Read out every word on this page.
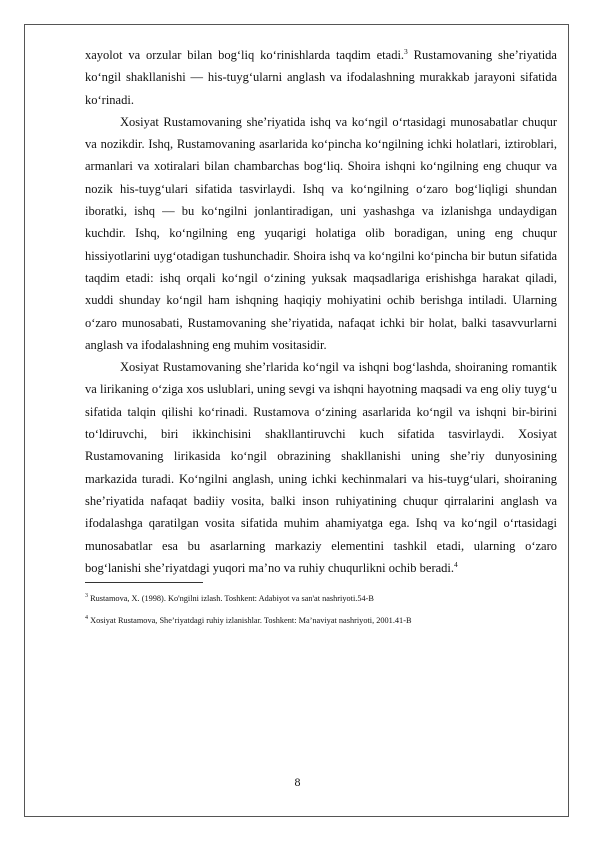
xayolot va orzular bilan bog‘liq ko‘rinishlarda taqdim etadi.$^3$ Rustamovaning she’riyatida ko‘ngil shakllanishi — his-tuyg‘ularni anglash va ifodalashning murakkab jarayoni sifatida ko‘rinadi.

Xosiyat Rustamovaning she’riyatida ishq va ko‘ngil o‘rtasidagi munosabatlar chuqur va nozikdir. Ishq, Rustamovaning asarlarida ko‘pincha ko‘ngilning ichki holatlari, iztiroblari, armanlari va xotiralari bilan chambarchas bog‘liq. Shoira ishqni ko‘ngilning eng chuqur va nozik his-tuyg‘ulari sifatida tasvirlaydi. Ishq va ko‘ngilning o‘zaro bog‘liqligi shundan iboratki, ishq — bu ko‘ngilni jonlantiradigan, uni yashashga va izlanishga undaydigan kuchdir. Ishq, ko‘ngilning eng yuqarigi holatiga olib boradigan, uning eng chuqur hissiyotlarini uyg‘otadigan tushunchadir. Shoira ishq va ko‘ngilni ko‘pincha bir butun sifatida taqdim etadi: ishq orqali ko‘ngil o‘zining yuksak maqsadlariga erishishga harakat qiladi, xuddi shunday ko‘ngil ham ishqning haqiqiy mohiyatini ochib berishga intiladi. Ularning o‘zaro munosabati, Rustamovaning she’riyatida, nafaqat ichki bir holat, balki tasavvurlarni anglash va ifodalashning eng muhim vositasidir.

Xosiyat Rustamovaning she’rlarida ko‘ngil va ishqni bog‘lashda, shoiraning romantik va lirikaning o‘ziga xos uslublari, uning sevgi va ishqni hayotning maqsadi va eng oliy tuyg‘u sifatida talqin qilishi ko‘rinadi. Rustamova o‘zining asarlarida ko‘ngil va ishqni bir-birini to‘ldiruvchi, biri ikkinchisini shakllantiruvchi kuch sifatida tasvirlaydi. Xosiyat Rustamovaning lirikasida ko‘ngil obrazining shakllanishi uning she’riy dunyosining markazida turadi. Ko‘ngilni anglash, uning ichki kechinmalari va his-tuyg‘ulari, shoiraning she’riyatida nafaqat badiiy vosita, balki inson ruhiyatining chuqur qirralarini anglash va ifodalashga qaratilgan vosita sifatida muhim ahamiyatga ega. Ishq va ko‘ngil o‘rtasidagi munosabatlar esa bu asarlarning markaziy elementini tashkil etadi, ularning o‘zaro bog‘lanishi she’riyatdagi yuqori ma’no va ruhiy chuqurlikni ochib beradi.$^4$

$^3$ Rustamova, X. (1998). Ko'ngilni izlash. Toshkent: Adabiyot va san'at nashriyoti.54-B

$^4$ Xosiyat Rustamova, She’riyatdagi ruhiy izlanishlar. Toshkent: Ma’naviyat nashriyoti, 2001.41-B

8
